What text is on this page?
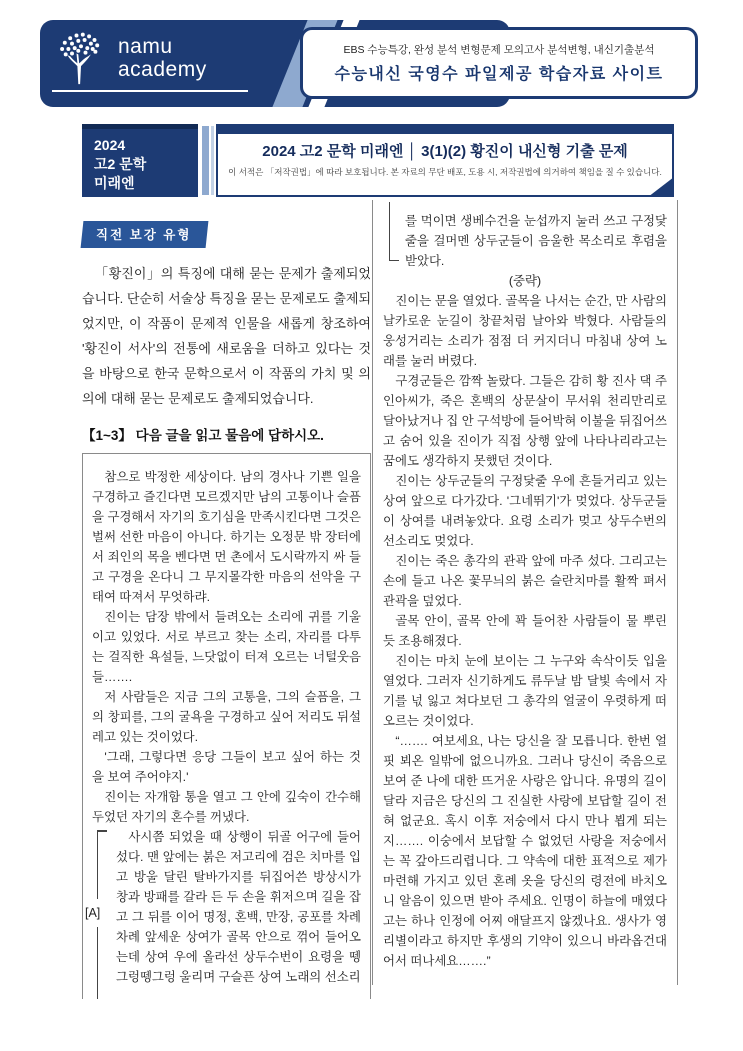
namu
academy
EBS 수능특강, 완성 분석 변형문제 모의고사 분석변형, 내신기출분석
수능내신 국영수 파일제공 학습자료 사이트
2024
고2 문학
미래엔
2024 고2 문학 미래엔 │ 3(1)(2) 황진이 내신형 기출 문제
이 서적은 「저작권법」에 따라 보호됩니다. 본 자료의 무단 배포, 도용 시, 저작권법에 의거하여 책임을 질 수 있습니다.
직전 보강 유형
「황진이」의 특징에 대해 묻는 문제가 출제되었습니다. 단순히 서술상 특징을 묻는 문제로도 출제되었지만, 이 작품이 문제적 인물을 새롭게 창조하여 '황진이 서사'의 전통에 새로움을 더하고 있다는 것을 바탕으로 한국 문학으로서 이 작품의 가치 및 의의에 대해 묻는 문제로도 출제되었습니다.
【1~3】 다음 글을 읽고 물음에 답하시오.

참으로 박정한 세상이다. 남의 경사나 기쁜 일을 구경하고 즐긴다면 모르겠지만 남의 고통이나 슬픔을 구경해서 자기의 호기심을 만족시킨다면 그것은 벌써 선한 마음이 아니다. 하기는 오정문 밖 장터에서 죄인의 목을 벤다면 먼 촌에서 도시락까지 싸 들고 구경을 온다니 그 무지몰각한 마음의 선악을 구태여 따져서 무엇하랴.

진이는 담장 밖에서 들려오는 소리에 귀를 기울이고 있었다. 서로 부르고 찾는 소리, 자리를 다투는 걸직한 욕설들, 느닷없이 터져 오르는 너털웃음들…….

저 사람들은 지금 그의 고통을, 그의 슬픔을, 그의 창피를, 그의 굴욕을 구경하고 싶어 저리도 뒤설레고 있는 것이었다.

'그래, 그렇다면 응당 그들이 보고 싶어 하는 것을 보여 주어야지.'

진이는 자개함 통을 열고 그 안에 깊숙이 간수해 두었던 자기의 혼수를 꺼냈다.

[A]
사시쯤 되었을 때 상행이 뒤골 어구에 들어섰다. 맨 앞에는 붉은 저고리에 검은 치마를 입고 방울 달린 탈바가지를 뒤집어쓴 방상시가 창과 방패를 갈라 든 두 손을 휘저으며 길을 잡고 그 뒤를 이어 명정, 혼백, 만장, 공포를 차례차례 앞세운 상여가 골목 안으로 꺾어 들어오는데 상여 우에 올라선 상두수번이 요령을 뗑그렁뗑그렁 울리며 구슬픈 상여 노래의 선소리
를 먹이면 생베수건을 눈섭까지 눌러 쓰고 구정닻줄을 걸머멘 상두군들이 음울한 목소리로 후렴을 받았다.

(중략)

진이는 문을 열었다. 골목을 나서는 순간, 만 사람의 날카로운 눈길이 창끝처럼 날아와 박혔다. 사람들의 웅성거리는 소리가 점점 더 커지더니 마침내 상여 노래를 눌러 버렸다.

구경군들은 깜짝 놀랐다. 그들은 감히 황 진사 댁 주인아씨가, 죽은 혼백의 상문살이 무서워 천리만리로 달아났거나 집 안 구석방에 들어박혀 이불을 뒤집어쓰고 숨어 있을 진이가 직접 상행 앞에 나타나리라고는 꿈에도 생각하지 못했던 것이다.

진이는 상두군들의 구정닻줄 우에 흔들거리고 있는 상여 앞으로 다가갔다. '그네뛰기'가 멎었다. 상두군들이 상여를 내려놓았다. 요령 소리가 멎고 상두수번의 선소리도 멎었다.

진이는 죽은 총각의 관곽 앞에 마주 섰다. 그리고는 손에 들고 나온 꽃무늬의 붉은 슬란치마를 활짝 펴서 관곽을 덮었다.

골목 안이, 골목 안에 꽉 들어찬 사람들이 물 뿌린 듯 조용해졌다.

진이는 마치 눈에 보이는 그 누구와 속삭이듯 입을 열었다. 그러자 신기하게도 류두날 밤 달빛 속에서 자기를 넋 잃고 쳐다보던 그 총각의 얼굴이 우렷하게 떠오르는 것이었다.

“……. 여보세요, 나는 당신을 잘 모릅니다. 한번 얼핏 뵈온 일밖에 없으니까요. 그러나 당신이 죽음으로 보여 준 나에 대한 뜨거운 사랑은 압니다. 유명의 길이 달라 지금은 당신의 그 진실한 사랑에 보답할 길이 전혀 없군요. 혹시 이후 저숭에서 다시 만나 뵙게 되는지……. 이숭에서 보답할 수 없었던 사랑을 저숭에서는 꼭 갚아드리렵니다. 그 약속에 대한 표적으로 제가 마련해 가지고 있던 혼례 옷을 당신의 령전에 바치오니 알음이 있으면 받아 주세요. 인명이 하늘에 매였다고는 하나 인정에 어찌 애달프지 않겠나요. 생사가 영 리별이라고 하지만 후생의 기약이 있으니 바라옵건대 어서 떠나세요…….”
